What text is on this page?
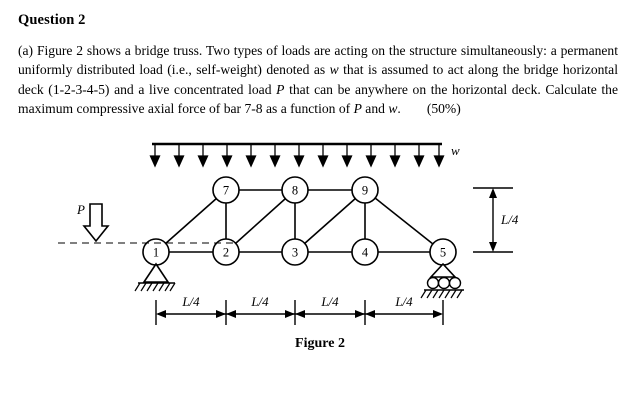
Question 2

(a) Figure 2 shows a bridge truss. Two types of loads are acting on the structure simultaneously: a permanent uniformly distributed load (i.e., self-weight) denoted as w that is assumed to act along the bridge horizontal deck (1-2-3-4-5) and a live concentrated load P that can be anywhere on the horizontal deck. Calculate the maximum compressive axial force of bar 7-8 as a function of P and w. (50%)

w
1	2	3	4	5
7	8	9
P
L/4
L/4	L/4	L/4	L/4
Figure 2
